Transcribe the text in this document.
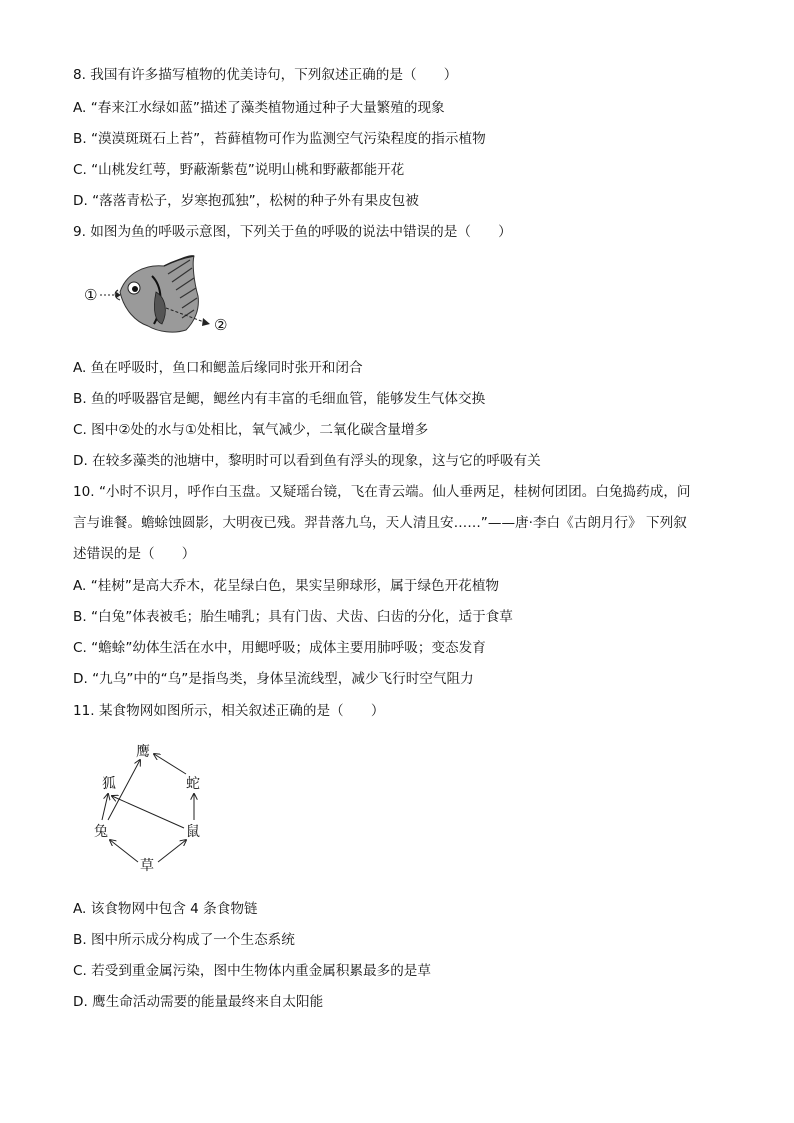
8. 我国有许多描写植物的优美诗句，下列叙述正确的是（　　）
A. “春来江水绿如蓝”描述了藻类植物通过种子大量繁殖的现象
B. “漠漠斑斑石上苔”，苔藓植物可作为监测空气污染程度的指示植物
C. “山桃发红萼，野蔽渐紫苞”说明山桃和野蔽都能开花
D. “落落青松子，岁寒抱孤独”，松树的种子外有果皮包被
9. 如图为鱼的呼吸示意图，下列关于鱼的呼吸的说法中错误的是（　　）
①
②
A. 鱼在呼吸时，鱼口和鳃盖后缘同时张开和闭合
B. 鱼的呼吸器官是鳃，鳃丝内有丰富的毛细血管，能够发生气体交换
C. 图中②处的水与①处相比，氧气减少，二氧化碳含量增多
D. 在较多藻类的池塘中，黎明时可以看到鱼有浮头的现象，这与它的呼吸有关
10. “小时不识月，呼作白玉盘。又疑瑶台镜，飞在青云端。仙人垂两足，桂树何团团。白兔捣药成，问
言与谁餐。蟾蜍蚀圆影，大明夜已残。羿昔落九乌，天人清且安……”——唐·李白《古朗月行》 下列叙
述错误的是（　　）
A. “桂树”是高大乔木，花呈绿白色，果实呈卵球形，属于绿色开花植物
B. “白兔”体表被毛；胎生哺乳；具有门齿、犬齿、臼齿的分化，适于食草
C. “蟾蜍”幼体生活在水中，用鳃呼吸；成体主要用肺呼吸；变态发育
D. “九乌”中的“乌”是指鸟类，身体呈流线型，减少飞行时空气阻力
11. 某食物网如图所示，相关叙述正确的是（　　）
鹰
狐	蛇
兔	鼠
草
A. 该食物网中包含 4 条食物链
B. 图中所示成分构成了一个生态系统
C. 若受到重金属污染，图中生物体内重金属积累最多的是草
D. 鹰生命活动需要的能量最终来自太阳能
